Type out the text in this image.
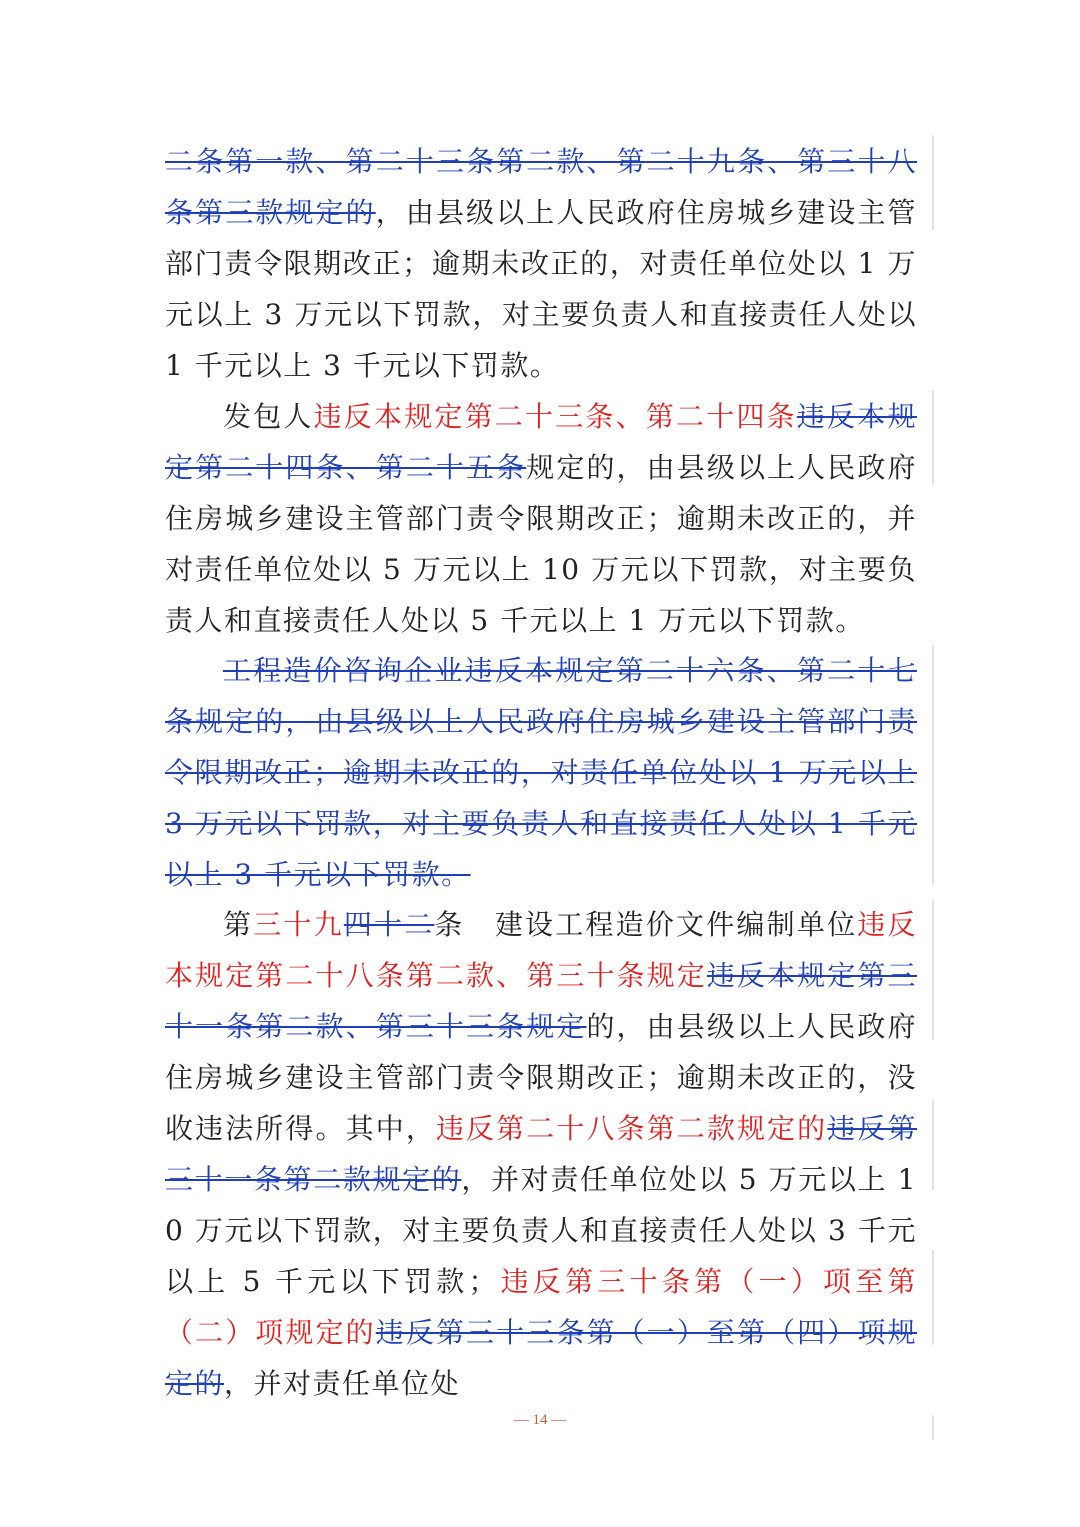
二条第一款、第二十三条第二款、第二十九条、第三十八条第三款规定的，由县级以上人民政府住房城乡建设主管部门责令限期改正；逾期未改正的，对责任单位处以 1 万元以上 3 万元以下罚款，对主要负责人和直接责任人处以 1 千元以上 3 千元以下罚款。
发包人违反本规定第二十三条、第二十四条违反本规定第二十四条、第二十五条规定的，由县级以上人民政府住房城乡建设主管部门责令限期改正；逾期未改正的，并对责任单位处以 5 万元以上 10 万元以下罚款，对主要负责人和直接责任人处以 5 千元以上 1 万元以下罚款。
工程造价咨询企业违反本规定第二十六条、第二十七条规定的，由县级以上人民政府住房城乡建设主管部门责令限期改正；逾期未改正的，对责任单位处以 1 万元以上 3 万元以下罚款，对主要负责人和直接责任人处以 1 千元以上 3 千元以下罚款。
第三十九四十二条　建设工程造价文件编制单位违反本规定第二十八条第二款、第三十条规定违反本规定第三十一条第二款、第三十三条规定的，由县级以上人民政府住房城乡建设主管部门责令限期改正；逾期未改正的，没收违法所得。其中，违反第二十八条第二款规定的违反第三十一条第二款规定的，并对责任单位处以 5 万元以上 10 万元以下罚款，对主要负责人和直接责任人处以 3 千元以上 5 千元以下罚款；违反第三十条第（一）项至第（二）项规定的违反第三十三条第（一）至第（四）项规定的，并对责任单位处
— 14 —
